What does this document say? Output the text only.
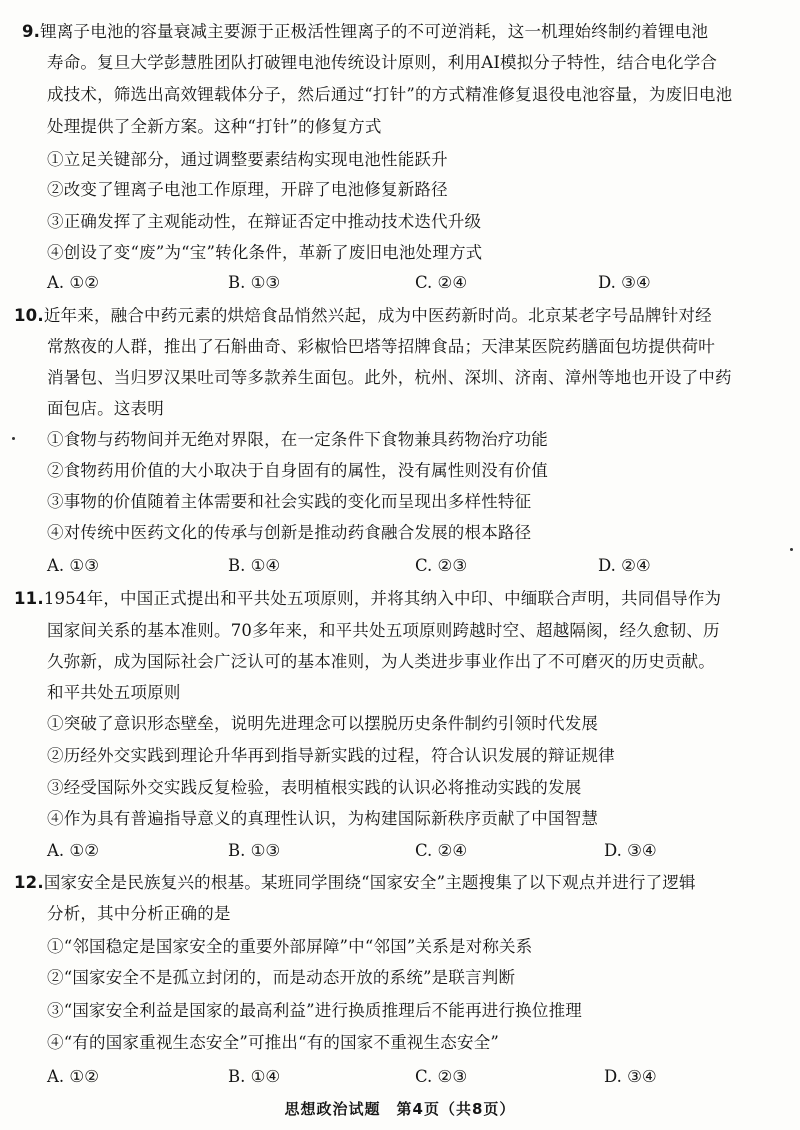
9.锂离子电池的容量衰减主要源于正极活性锂离子的不可逆消耗，这一机理始终制约着锂电池
寿命。复旦大学彭慧胜团队打破锂电池传统设计原则，利用AI模拟分子特性，结合电化学合
成技术，筛选出高效锂载体分子，然后通过“打针”的方式精准修复退役电池容量，为废旧电池
处理提供了全新方案。这种“打针”的修复方式
①立足关键部分，通过调整要素结构实现电池性能跃升
②改变了锂离子电池工作原理，开辟了电池修复新路径
③正确发挥了主观能动性，在辩证否定中推动技术迭代升级
④创设了变“废”为“宝”转化条件，革新了废旧电池处理方式
A. ①②	B. ①③	C. ②④	D. ③④
10.近年来，融合中药元素的烘焙食品悄然兴起，成为中医药新时尚。北京某老字号品牌针对经
常熬夜的人群，推出了石斛曲奇、彩椒恰巴塔等招牌食品；天津某医院药膳面包坊提供荷叶
消暑包、当归罗汉果吐司等多款养生面包。此外，杭州、深圳、济南、漳州等地也开设了中药
面包店。这表明
①食物与药物间并无绝对界限，在一定条件下食物兼具药物治疗功能
②食物药用价值的大小取决于自身固有的属性，没有属性则没有价值
③事物的价值随着主体需要和社会实践的变化而呈现出多样性特征
④对传统中医药文化的传承与创新是推动药食融合发展的根本路径
A. ①③	B. ①④	C. ②③	D. ②④
11.1954年，中国正式提出和平共处五项原则，并将其纳入中印、中缅联合声明，共同倡导作为
国家间关系的基本准则。70多年来，和平共处五项原则跨越时空、超越隔阂，经久愈韧、历
久弥新，成为国际社会广泛认可的基本准则，为人类进步事业作出了不可磨灭的历史贡献。
和平共处五项原则
①突破了意识形态壁垒，说明先进理念可以摆脱历史条件制约引领时代发展
②历经外交实践到理论升华再到指导新实践的过程，符合认识发展的辩证规律
③经受国际外交实践反复检验，表明植根实践的认识必将推动实践的发展
④作为具有普遍指导意义的真理性认识，为构建国际新秩序贡献了中国智慧
A. ①②	B. ①③	C. ②④	D. ③④
12.国家安全是民族复兴的根基。某班同学围绕“国家安全”主题搜集了以下观点并进行了逻辑
分析，其中分析正确的是
①“邻国稳定是国家安全的重要外部屏障”中“邻国”关系是对称关系
②“国家安全不是孤立封闭的，而是动态开放的系统”是联言判断
③“国家安全利益是国家的最高利益”进行换质推理后不能再进行换位推理
④“有的国家重视生态安全”可推出“有的国家不重视生态安全”
A. ①②	B. ①④	C. ②③	D. ③④
思想政治试题　第4页（共8页）
